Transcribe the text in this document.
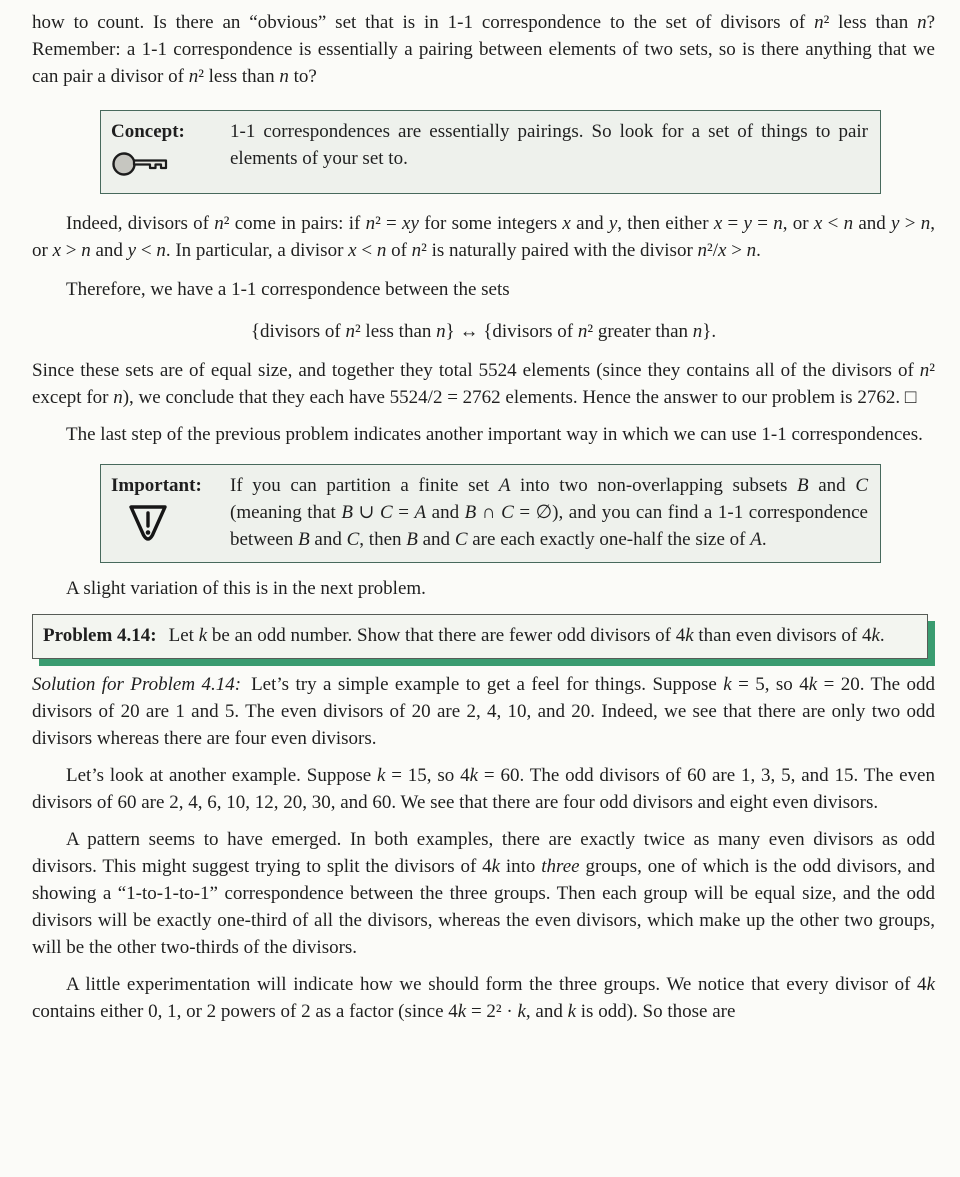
how to count. Is there an “obvious” set that is in 1-1 correspondence to the set of divisors of n² less than n? Remember: a 1-1 correspondence is essentially a pairing between elements of two sets, so is there anything that we can pair a divisor of n² less than n to?

Concept:	1-1 correspondences are essentially pairings. So look for a set of things to pair elements of your set to.

Indeed, divisors of n² come in pairs: if n² = xy for some integers x and y, then either x = y = n, or x < n and y > n, or x > n and y < n. In particular, a divisor x < n of n² is naturally paired with the divisor n²/x > n.

Therefore, we have a 1-1 correspondence between the sets

{divisors of n² less than n} ↔ {divisors of n² greater than n}.

Since these sets are of equal size, and together they total 5524 elements (since they contains all of the divisors of n² except for n), we conclude that they each have 5524/2 = 2762 elements. Hence the answer to our problem is 2762. □

The last step of the previous problem indicates another important way in which we can use 1-1 correspondences.

Important:	If you can partition a finite set A into two non-overlapping subsets B and C (meaning that B ∪ C = A and B ∩ C = ∅), and you can find a 1-1 correspondence between B and C, then B and C are each exactly one-half the size of A.

A slight variation of this is in the next problem.

Problem 4.14: Let k be an odd number. Show that there are fewer odd divisors of 4k than even divisors of 4k.

Solution for Problem 4.14: Let’s try a simple example to get a feel for things. Suppose k = 5, so 4k = 20. The odd divisors of 20 are 1 and 5. The even divisors of 20 are 2, 4, 10, and 20. Indeed, we see that there are only two odd divisors whereas there are four even divisors.

Let’s look at another example. Suppose k = 15, so 4k = 60. The odd divisors of 60 are 1, 3, 5, and 15. The even divisors of 60 are 2, 4, 6, 10, 12, 20, 30, and 60. We see that there are four odd divisors and eight even divisors.

A pattern seems to have emerged. In both examples, there are exactly twice as many even divisors as odd divisors. This might suggest trying to split the divisors of 4k into three groups, one of which is the odd divisors, and showing a “1-to-1-to-1” correspondence between the three groups. Then each group will be equal size, and the odd divisors will be exactly one-third of all the divisors, whereas the even divisors, which make up the other two groups, will be the other two-thirds of the divisors.

A little experimentation will indicate how we should form the three groups. We notice that every divisor of 4k contains either 0, 1, or 2 powers of 2 as a factor (since 4k = 2² · k, and k is odd). So those are
